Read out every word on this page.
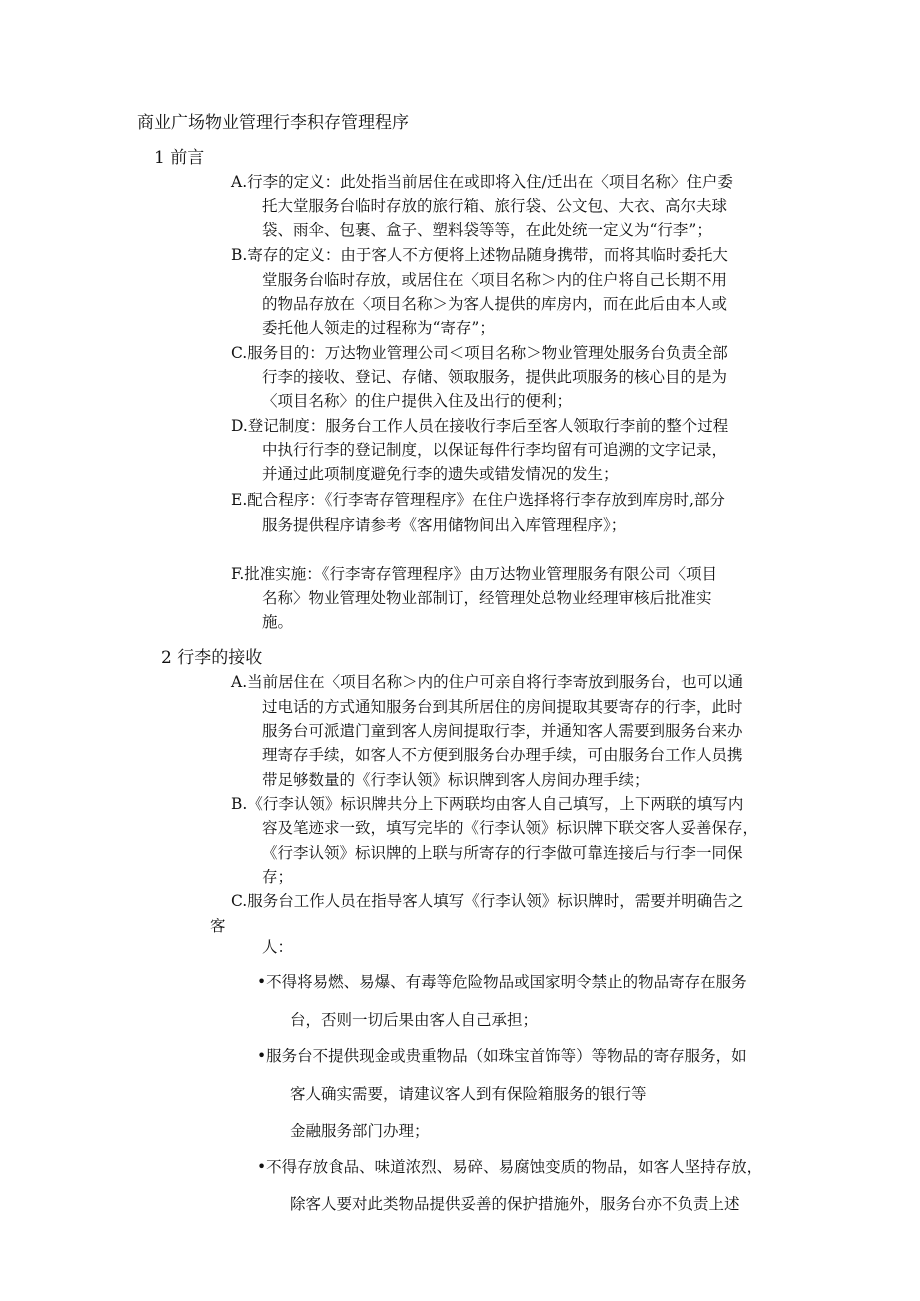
商业广场物业管理行李积存管理程序
1 前言
A.行李的定义：此处指当前居住在或即将入住/迁出在〈项目名称〉住户委
托大堂服务台临时存放的旅行箱、旅行袋、公文包、大衣、高尔夫球
袋、雨伞、包裹、盒子、塑料袋等等，在此处统一定义为“行李”；
B.寄存的定义：由于客人不方便将上述物品随身携带，而将其临时委托大
堂服务台临时存放，或居住在〈项目名称＞内的住户将自己长期不用
的物品存放在〈项目名称＞为客人提供的库房内，而在此后由本人或
委托他人领走的过程称为“寄存”；
C.服务目的：万达物业管理公司＜项目名称＞物业管理处服务台负责全部
行李的接收、登记、存储、领取服务，提供此项服务的核心目的是为
〈项目名称〉的住户提供入住及出行的便利；
D.登记制度：服务台工作人员在接收行李后至客人领取行李前的整个过程
中执行行李的登记制度，以保证每件行李均留有可追溯的文字记录，
并通过此项制度避免行李的遗失或错发情况的发生；
E.配合程序：《行李寄存管理程序》在住户选择将行李存放到库房时,部分
服务提供程序请参考《客用储物间出入库管理程序》；
F.批准实施：《行李寄存管理程序》由万达物业管理服务有限公司〈项目
名称〉物业管理处物业部制订，经管理处总物业经理审核后批准实
施。
2 行李的接收
A.当前居住在〈项目名称＞内的住户可亲自将行李寄放到服务台，也可以通
过电话的方式通知服务台到其所居住的房间提取其要寄存的行李，此时
服务台可派遣门童到客人房间提取行李，并通知客人需要到服务台来办
理寄存手续，如客人不方便到服务台办理手续，可由服务台工作人员携
带足够数量的《行李认领》标识牌到客人房间办理手续；
B.《行李认领》标识牌共分上下两联均由客人自己填写，上下两联的填写内
容及笔迹求一致，填写完毕的《行李认领》标识牌下联交客人妥善保存，
《行李认领》标识牌的上联与所寄存的行李做可靠连接后与行李一同保
存；
C.服务台工作人员在指导客人填写《行李认领》标识牌时，需要并明确告之
客
人：
•不得将易燃、易爆、有毒等危险物品或国家明令禁止的物品寄存在服务
台，否则一切后果由客人自己承担；
•服务台不提供现金或贵重物品（如珠宝首饰等）等物品的寄存服务，如
客人确实需要，请建议客人到有保险箱服务的银行等
金融服务部门办理；
•不得存放食品、味道浓烈、易碎、易腐蚀变质的物品，如客人坚持存放，
除客人要对此类物品提供妥善的保护措施外，服务台亦不负责上述
